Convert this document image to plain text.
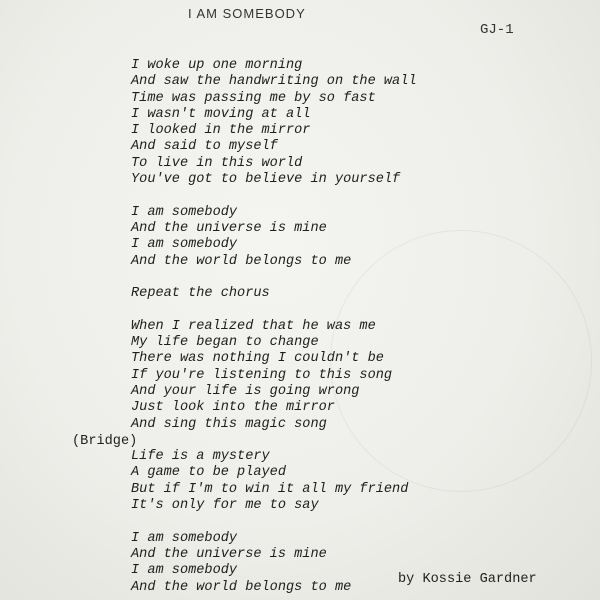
I AM SOMEBODY
GJ-1
I woke up one morning
And saw the handwriting on the wall
Time was passing me by so fast
I wasn't moving at all
I looked in the mirror
And said to myself
To live in this world
You've got to believe in yourself
I am somebody
And the universe is mine
I am somebody
And the world belongs to me
Repeat the chorus
When I realized that he was me
My life began to change
There was nothing I couldn't be
If you're listening to this song
And your life is going wrong
Just look into the mirror
And sing this magic song
Life is a mystery
A game to be played
But if I'm to win it all my friend
It's only for me to say
I am somebody
And the universe is mine
I am somebody
And the world belongs to me
(Bridge)
by Kossie Gardner
